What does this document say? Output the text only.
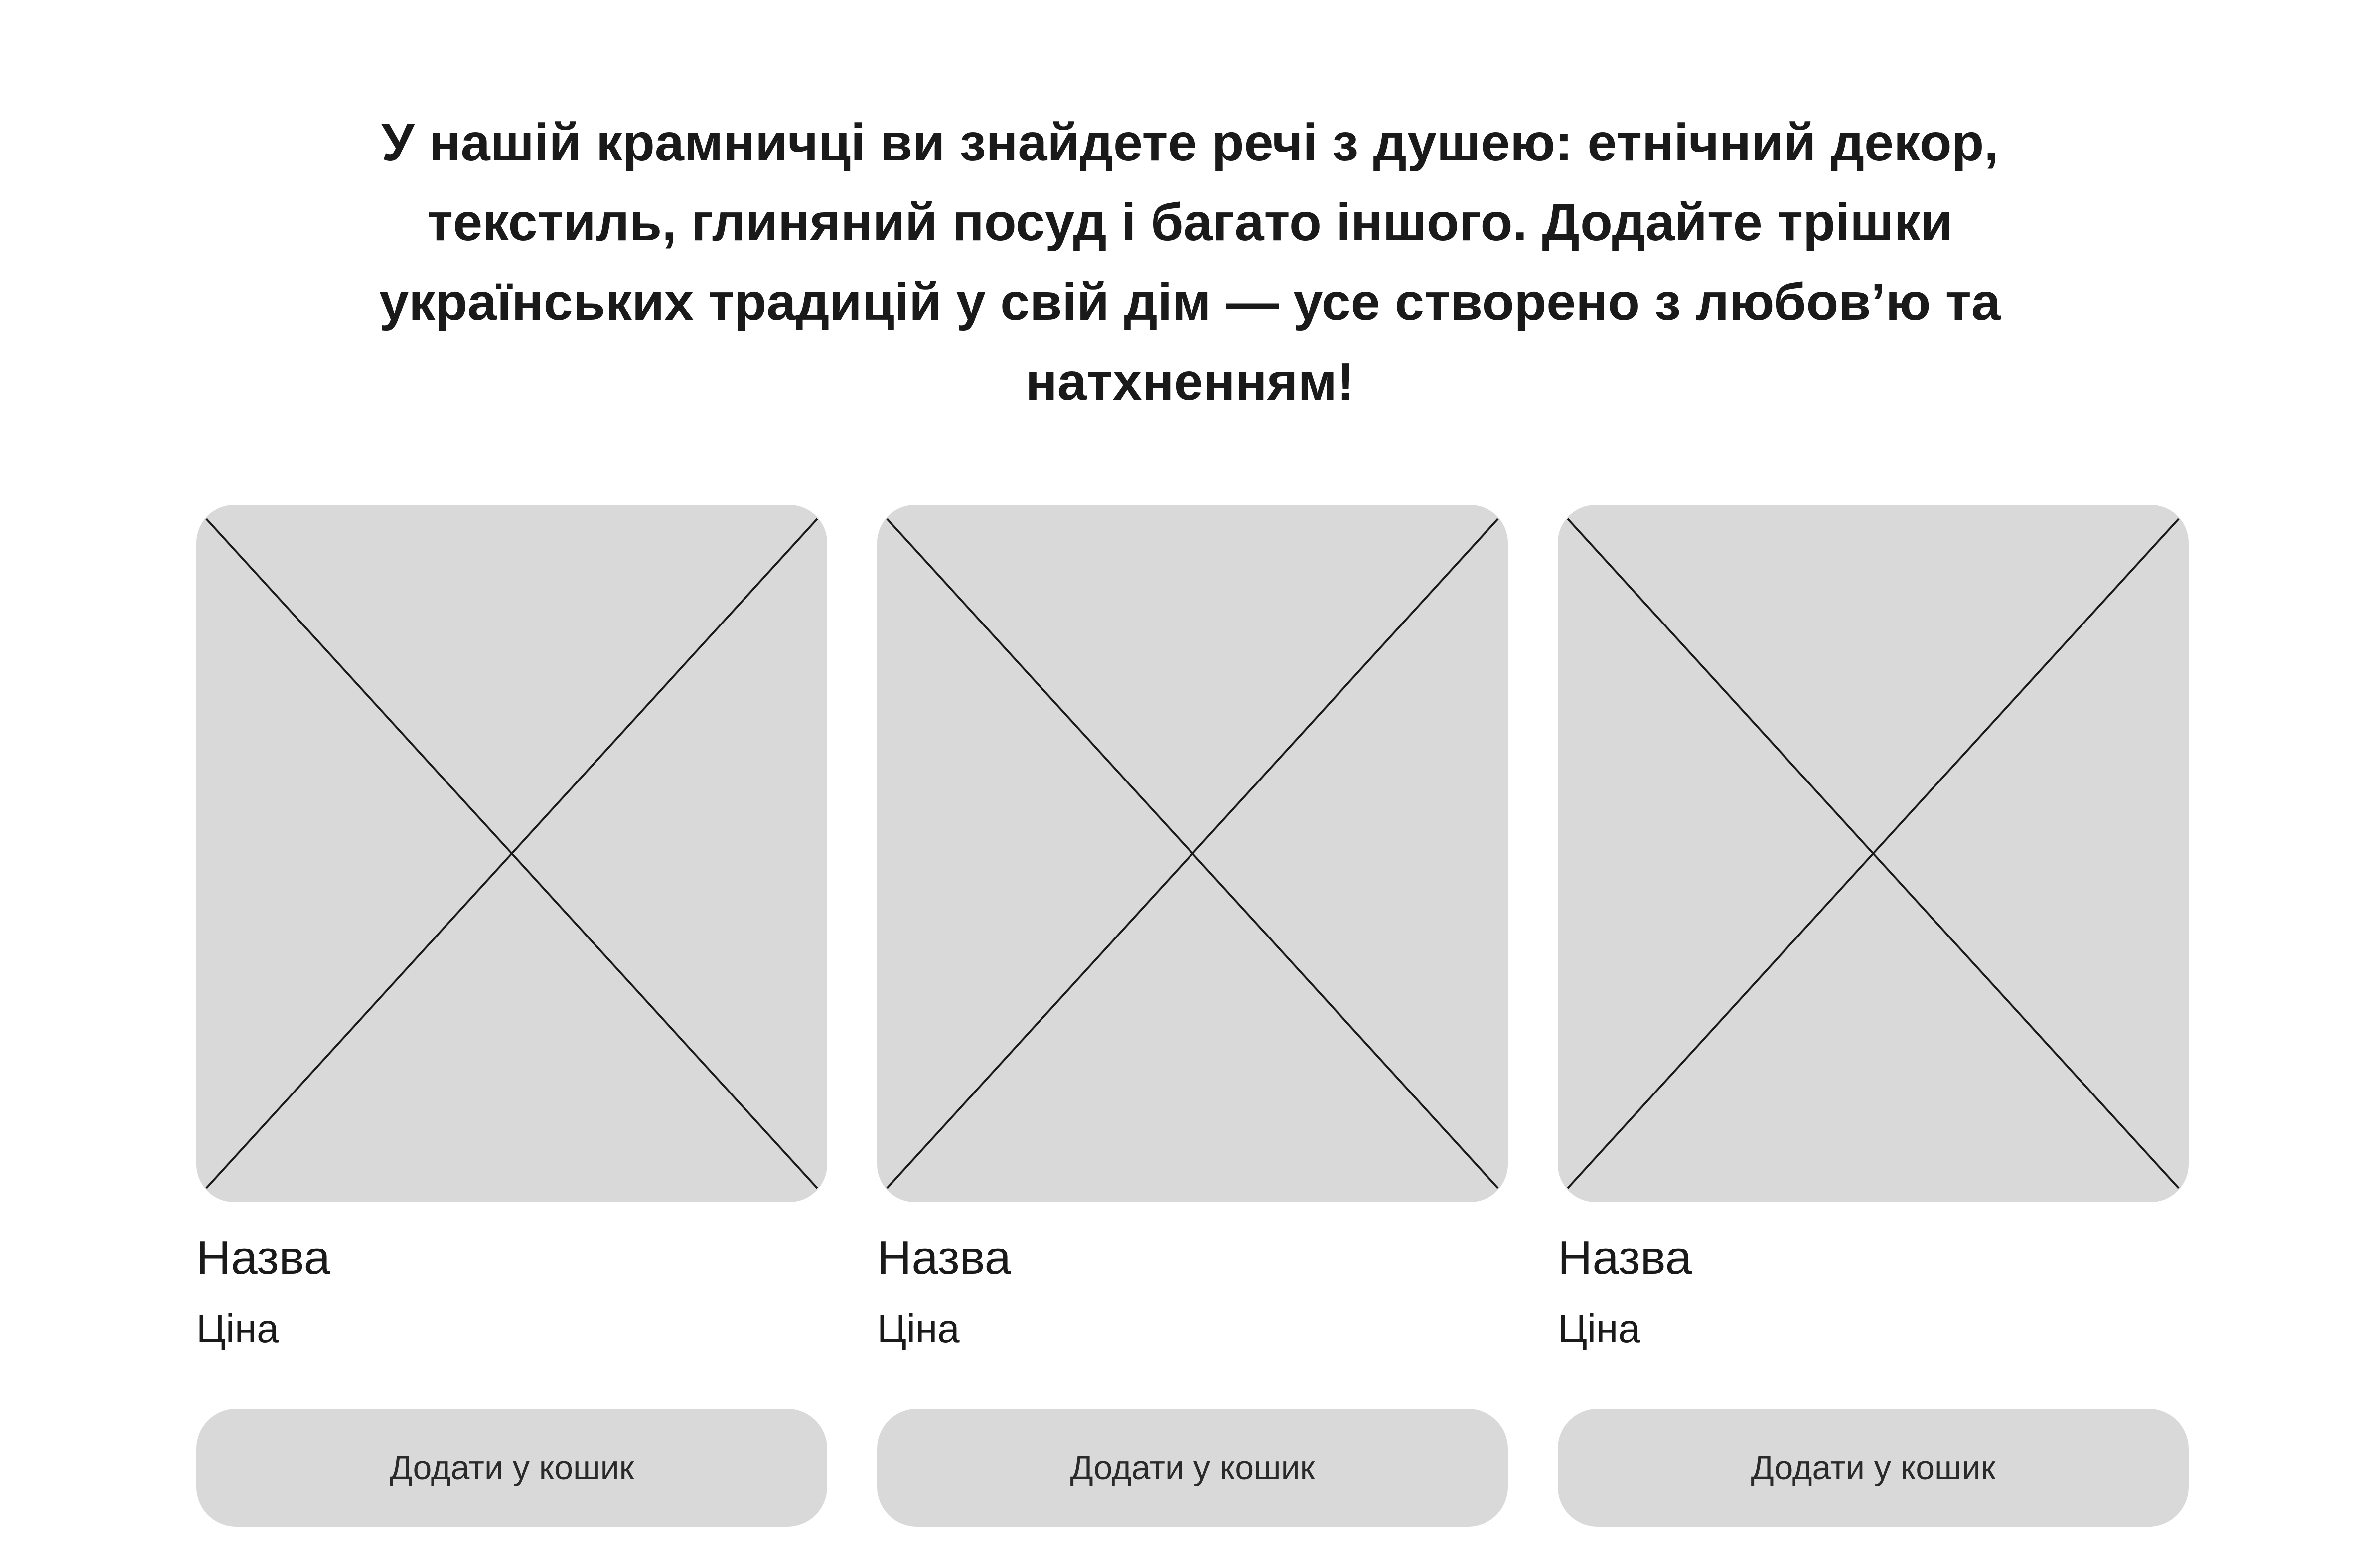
У нашій крамничці ви знайдете речі з душею: етнічний декор, текстиль, глиняний посуд і багато іншого. Додайте трішки українських традицій у свій дім — усе створено з любов’ю та натхненням!

Назва
Ціна
Додати у кошик
Назва
Ціна
Додати у кошик
Назва
Ціна
Додати у кошик
